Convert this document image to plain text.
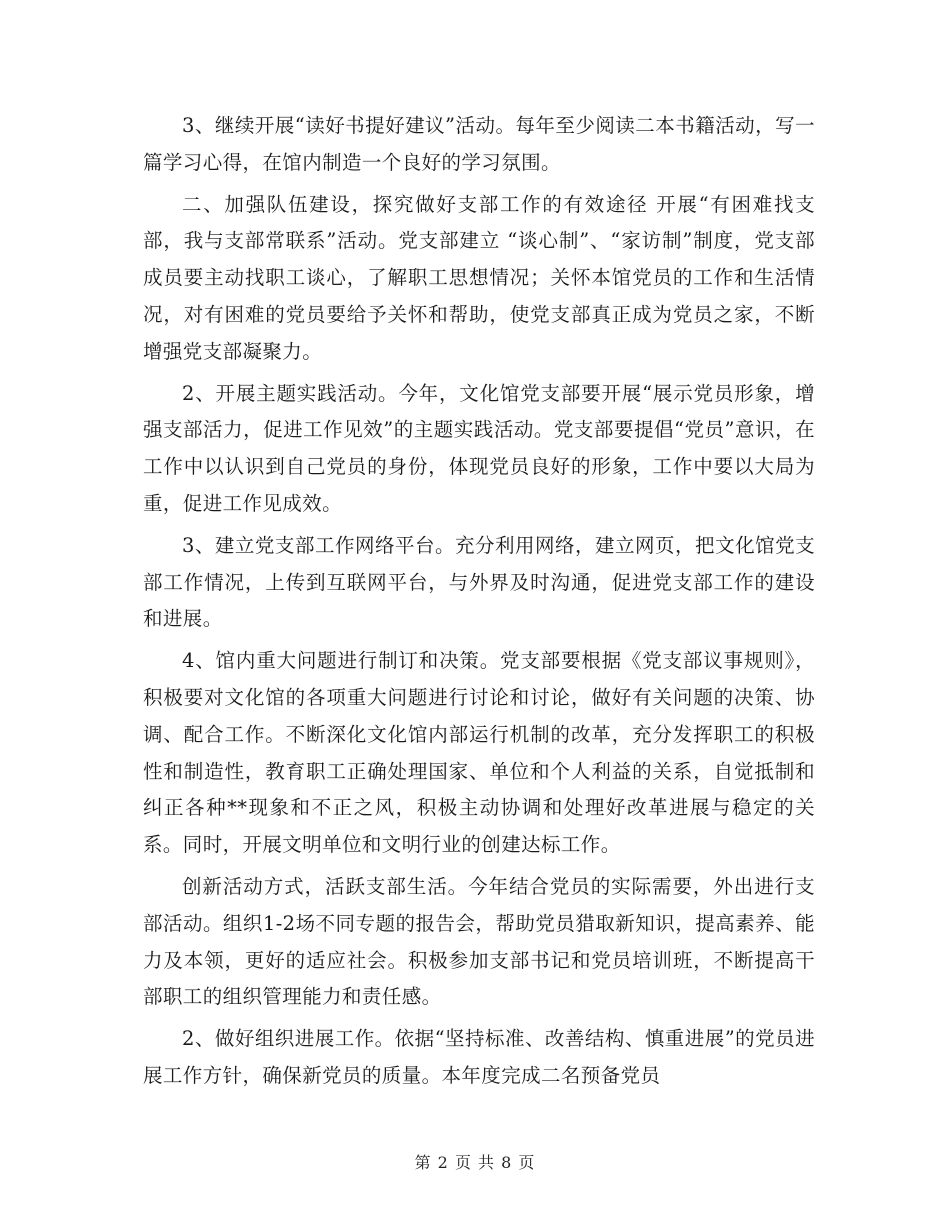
3、继续开展“读好书提好建议”活动。每年至少阅读二本书籍活动，写一篇学习心得，在馆内制造一个良好的学习氛围。

二、加强队伍建设，探究做好支部工作的有效途径 开展“有困难找支部，我与支部常联系”活动。党支部建立 “谈心制”、“家访制”制度，党支部成员要主动找职工谈心，了解职工思想情况；关怀本馆党员的工作和生活情况，对有困难的党员要给予关怀和帮助，使党支部真正成为党员之家，不断增强党支部凝聚力。

2、开展主题实践活动。今年，文化馆党支部要开展“展示党员形象，增强支部活力，促进工作见效”的主题实践活动。党支部要提倡“党员”意识，在工作中以认识到自己党员的身份，体现党员良好的形象，工作中要以大局为重，促进工作见成效。

3、建立党支部工作网络平台。充分利用网络，建立网页，把文化馆党支部工作情况，上传到互联网平台，与外界及时沟通，促进党支部工作的建设和进展。

4、馆内重大问题进行制订和决策。党支部要根据《党支部议事规则》，积极要对文化馆的各项重大问题进行讨论和讨论，做好有关问题的决策、协调、配合工作。不断深化文化馆内部运行机制的改革，充分发挥职工的积极性和制造性，教育职工正确处理国家、单位和个人利益的关系，自觉抵制和纠正各种**现象和不正之风，积极主动协调和处理好改革进展与稳定的关系。同时，开展文明单位和文明行业的创建达标工作。

创新活动方式，活跃支部生活。今年结合党员的实际需要，外出进行支部活动。组织1-2场不同专题的报告会，帮助党员猎取新知识，提高素养、能力及本领，更好的适应社会。积极参加支部书记和党员培训班，不断提高干部职工的组织管理能力和责任感。

2、做好组织进展工作。依据“坚持标准、改善结构、慎重进展”的党员进展工作方针，确保新党员的质量。本年度完成二名预备党员

第 2 页 共 8 页
